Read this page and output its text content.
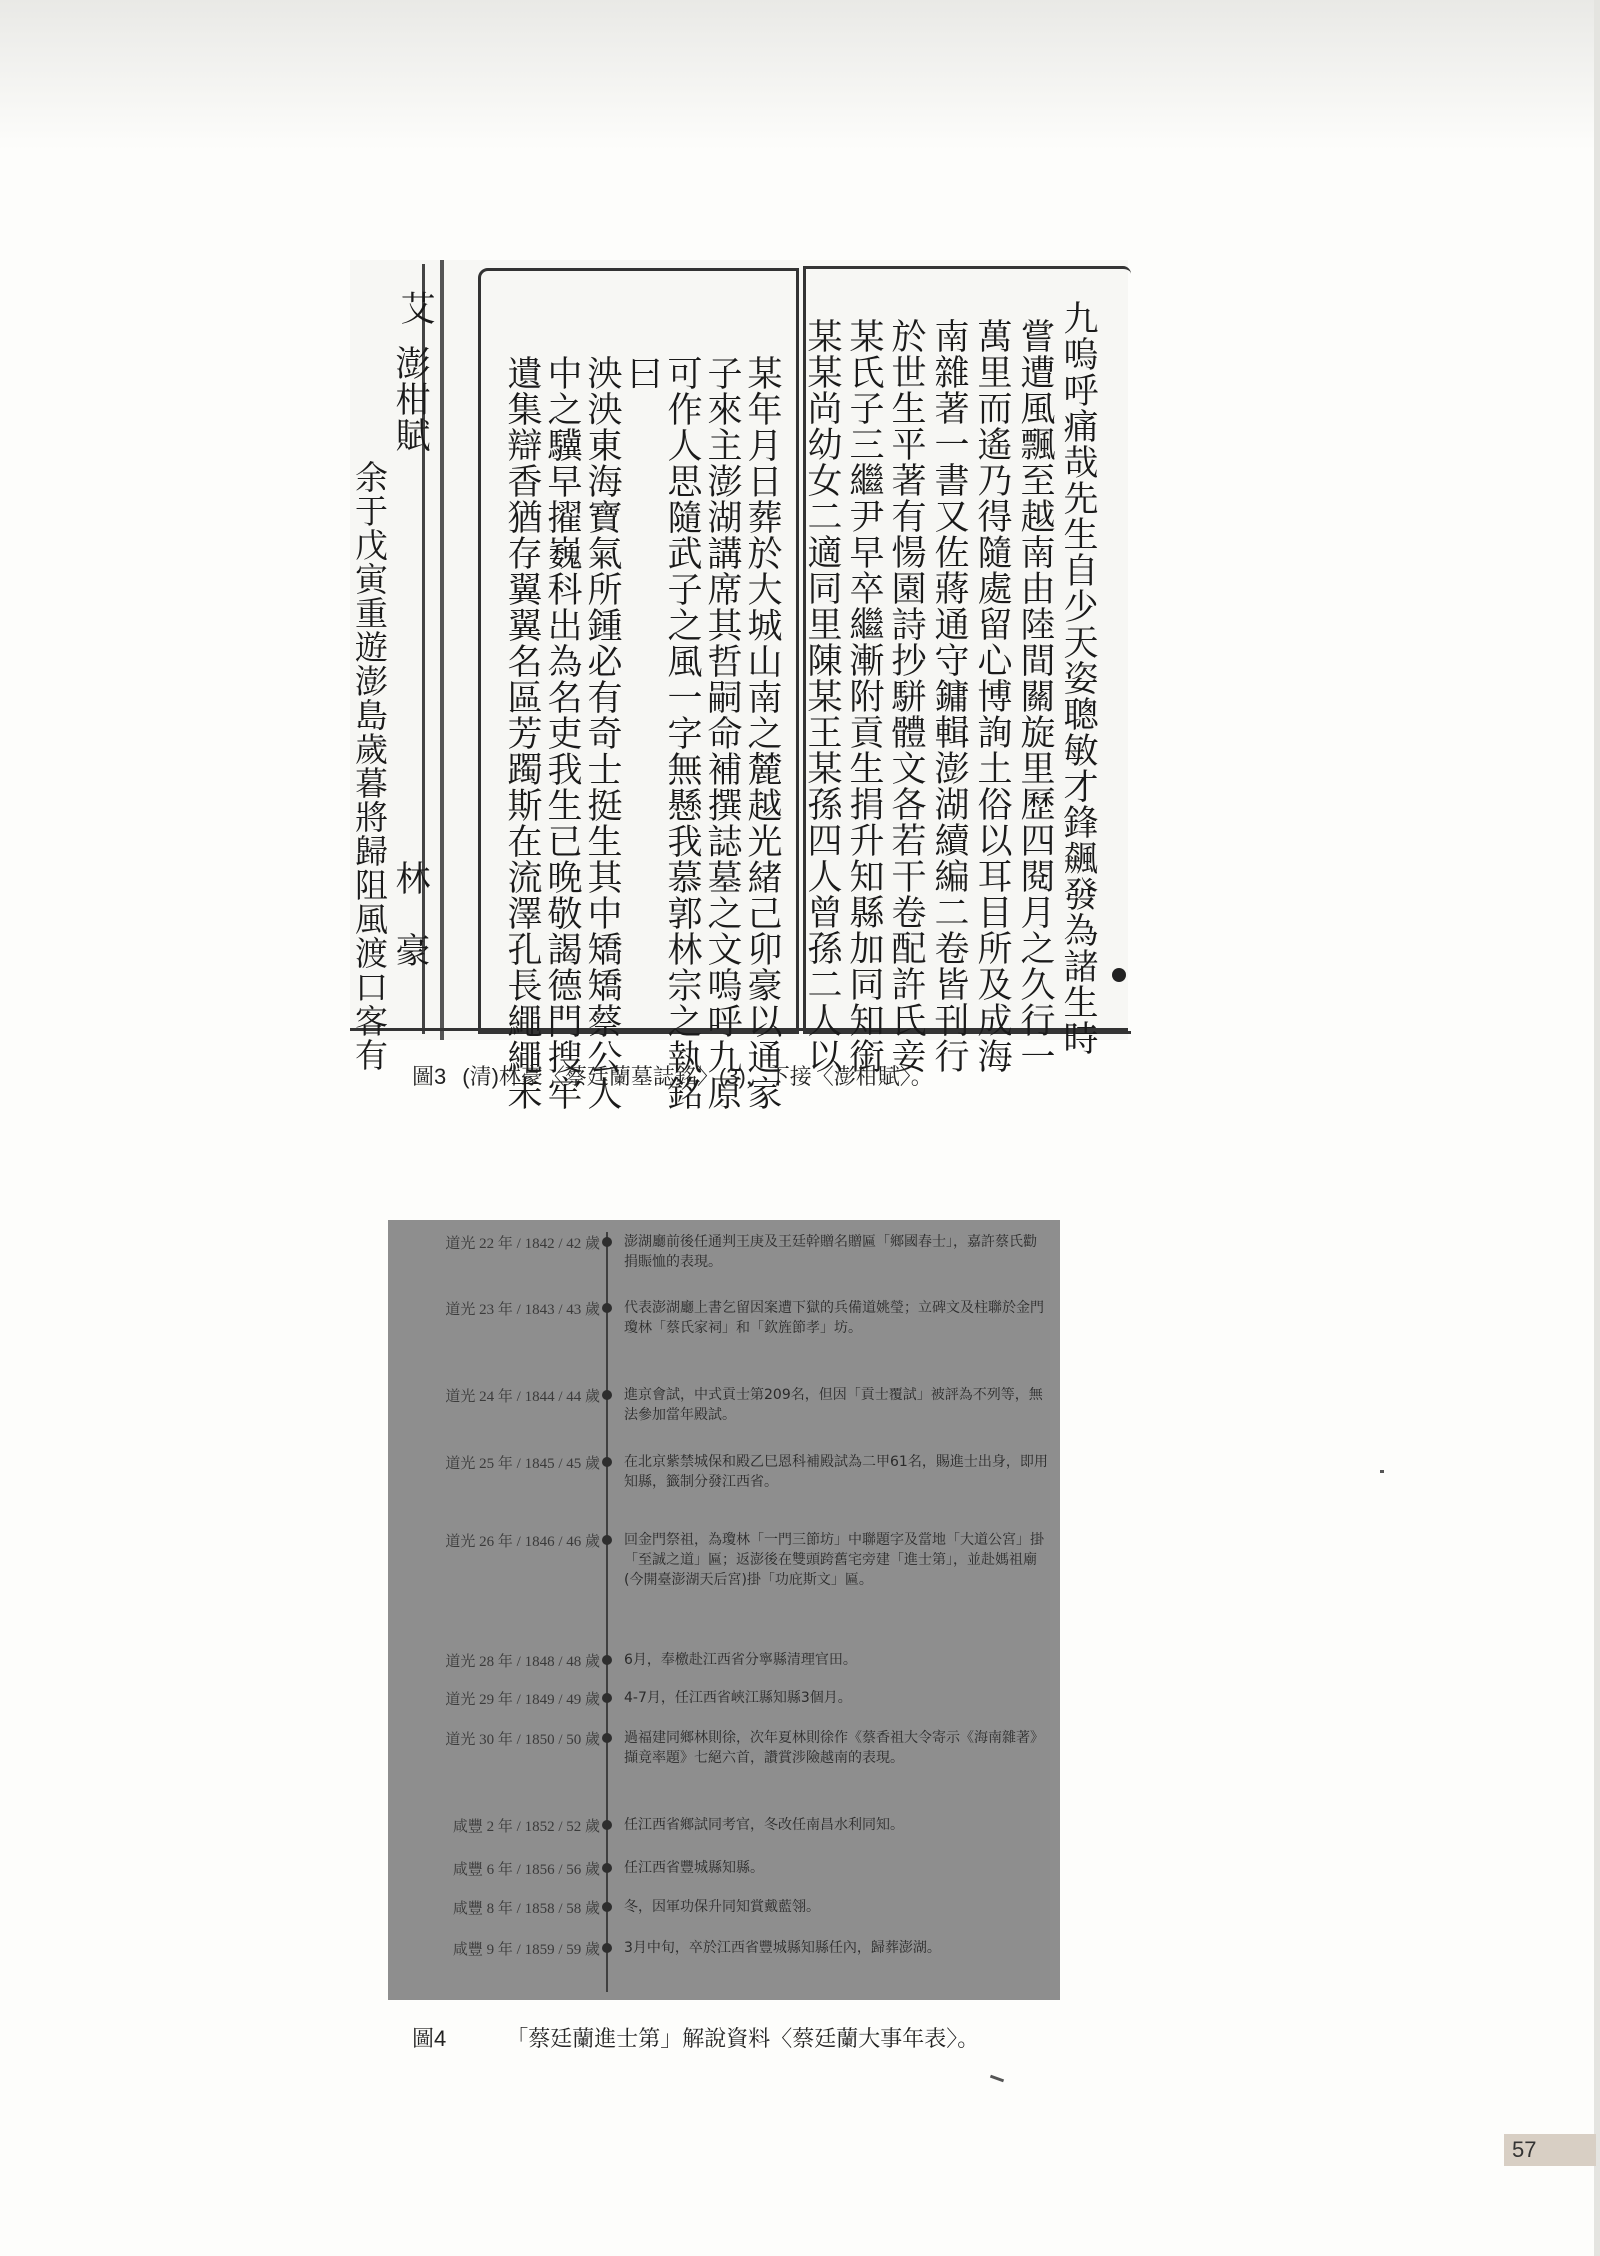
九嗚呼痛哉先生自少天姿聰敏才鋒飆發為諸生時
嘗遭風飄至越南由陸間關旋里歷四閱月之久行一
萬里而遙乃得隨處留心博詢土俗以耳目所及成海
南雜著一書又佐蔣通守鏞輯澎湖續編二卷皆刊行
於世生平著有愓園詩抄駢體文各若干卷配許氏妾
某氏子三繼尹早卒繼漸附貢生捐升知縣加同知銜
某某尚幼女二適同里陳某王某孫四人曾孫二人以
某年月日葬於大城山南之麓越光緒己卯豪以通家
子來主澎湖講席其哲嗣命補撰誌墓之文嗚呼九原
可作人思隨武子之風一字無懸我慕郭林宗之執銘
曰
泱泱東海寶氣所鍾必有奇士挺生其中矯矯蔡公人
中之驥早擢巍科出為名吏我生已晚敬謁德門搜牢
遺集辯香猶存翼翼名區芳躅斯在流澤孔長繩繩未
澎柑賦
林　豪
余于戊寅重遊澎島歲暮將歸阻風渡口客有
艾
圖3 (清)林豪〈蔡廷蘭墓誌銘〉(3)，下接〈澎柑賦〉。
道光 22 年 / 1842 / 42 歲 澎湖廳前後任通判王庚及王廷幹贈名贈匾「鄉國春士」，嘉許蔡氏勸捐賑恤的表現。
道光 23 年 / 1843 / 43 歲 代表澎湖廳上書乞留因案遭下獄的兵備道姚瑩；立碑文及柱聯於金門瓊林「蔡氏家祠」和「欽旌節孝」坊。
道光 24 年 / 1844 / 44 歲 進京會試，中式貢士第209名，但因「貢士覆試」被評為不列等，無法參加當年殿試。
道光 25 年 / 1845 / 45 歲 在北京紫禁城保和殿乙巳恩科補殿試為二甲61名，賜進士出身，即用知縣，籤制分發江西省。
道光 26 年 / 1846 / 46 歲 回金門祭祖，為瓊林「一門三節坊」中聯題字及當地「大道公宮」掛「至誠之道」匾；返澎後在雙頭跨舊宅旁建「進士第」，並赴媽祖廟(今開臺澎湖天后宮)掛「功庇斯文」匾。
道光 28 年 / 1848 / 48 歲 6月，奉檄赴江西省分寧縣清理官田。
道光 29 年 / 1849 / 49 歲 4-7月，任江西省峽江縣知縣3個月。
道光 30 年 / 1850 / 50 歲 過福建同鄉林則徐，次年夏林則徐作《蔡香祖大令寄示《海南雜著》擷竟率題》七絕六首，讚賞涉險越南的表現。
咸豐 2 年 / 1852 / 52 歲 任江西省鄉試同考官，冬改任南昌水利同知。
咸豐 6 年 / 1856 / 56 歲 任江西省豐城縣知縣。
咸豐 8 年 / 1858 / 58 歲 冬，因軍功保升同知賞戴藍翎。
咸豐 9 年 / 1859 / 59 歲 3月中旬，卒於江西省豐城縣知縣任內，歸葬澎湖。
圖4	「蔡廷蘭進士第」解說資料〈蔡廷蘭大事年表〉。
57
